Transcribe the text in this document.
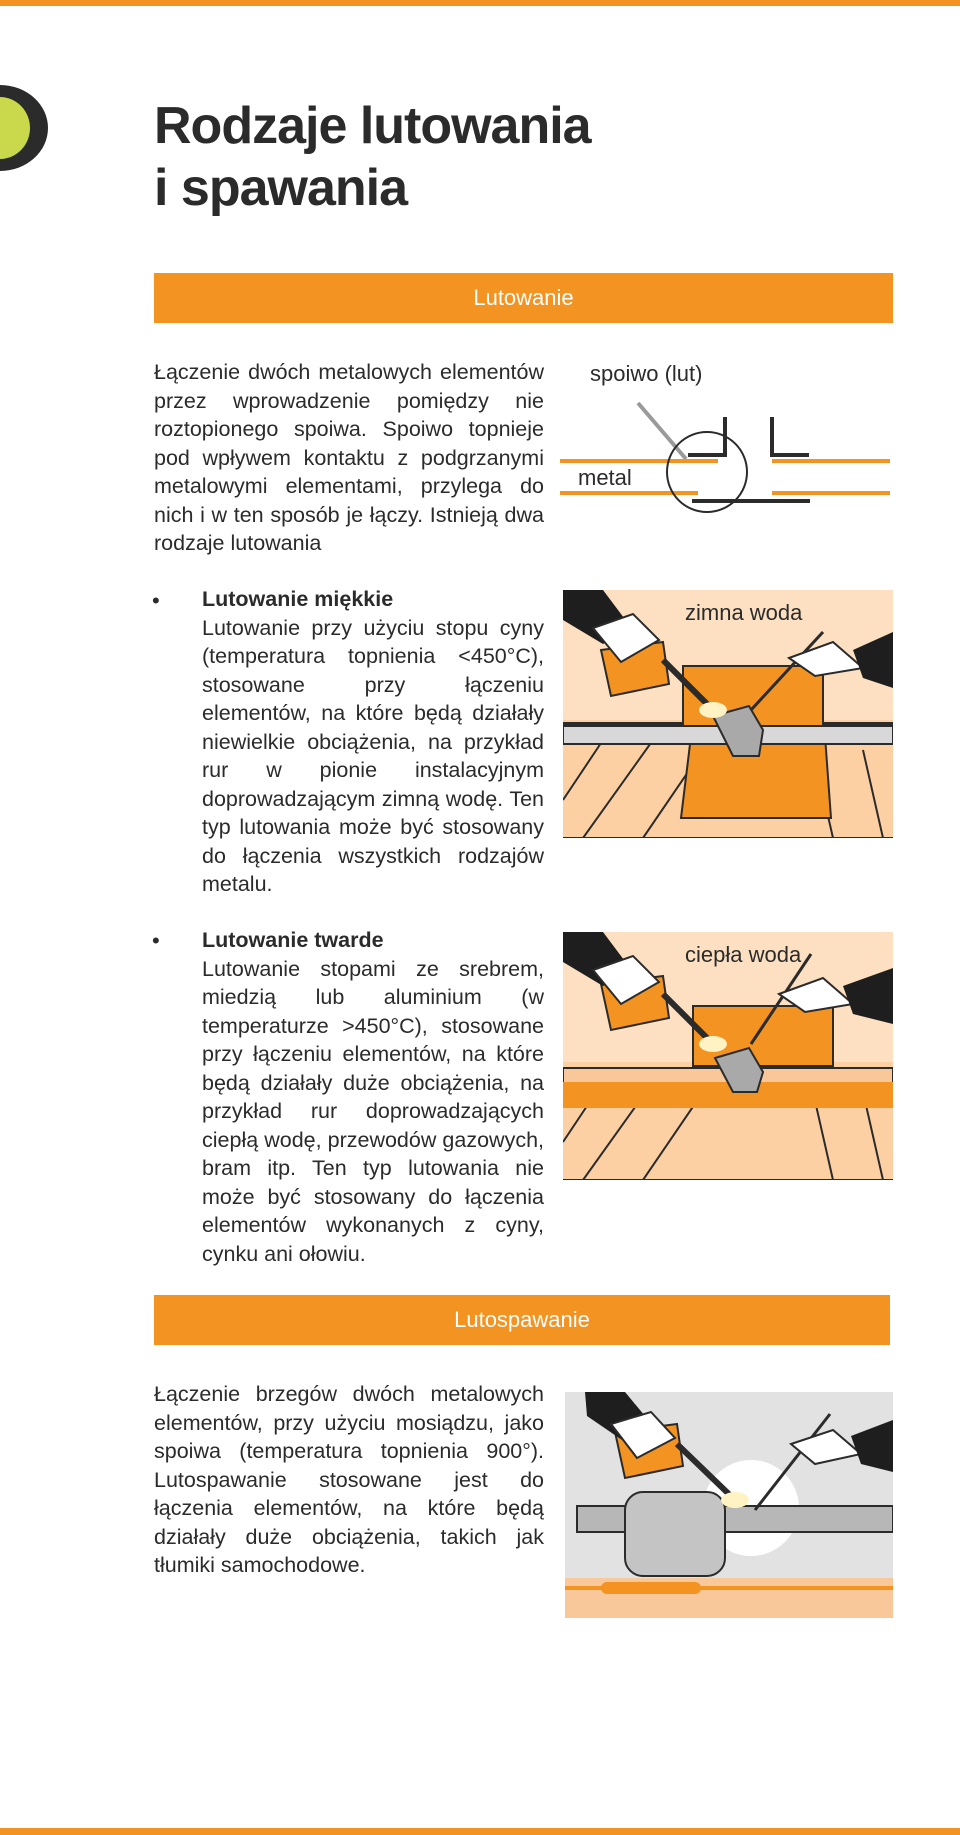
Rodzaje lutowania
i spawania
Lutowanie

Łączenie dwóch metalowych elementów przez wprowadzenie pomiędzy nie roztopionego spoiwa. Spoiwo topnieje pod wpływem kontaktu z podgrzanymi metalowymi elementami, przylega do nich i w ten sposób je łączy. Istnieją dwa rodzaje lutowania

spoiwo (lut)
metal
• Lutowanie miękkie

Lutowanie przy użyciu stopu cyny (temperatura topnienia <450°C), stosowane przy łączeniu elementów, na które będą działały niewielkie obciążenia, na przykład rur w pionie instalacyjnym doprowadzającym zimną wodę. Ten typ lutowania może być stosowany do łączenia wszystkich rodzajów metalu.

zimna woda
• Lutowanie twarde

Lutowanie stopami ze srebrem, miedzią lub aluminium (w temperaturze >450°C), stosowane przy łączeniu elementów, na które będą działały duże obciążenia, na przykład rur doprowadzających ciepłą wodę, przewodów gazowych, bram itp. Ten typ lutowania nie może być stosowany do łączenia elementów wykonanych z cyny, cynku ani ołowiu.

ciepła woda
Lutospawanie

Łączenie brzegów dwóch metalowych elementów, przy użyciu mosiądzu, jako spoiwa (temperatura topnienia 900°). Lutospawanie stosowane jest do łączenia elementów, na które będą działały duże obciążenia, takich jak tłumiki samochodowe.
